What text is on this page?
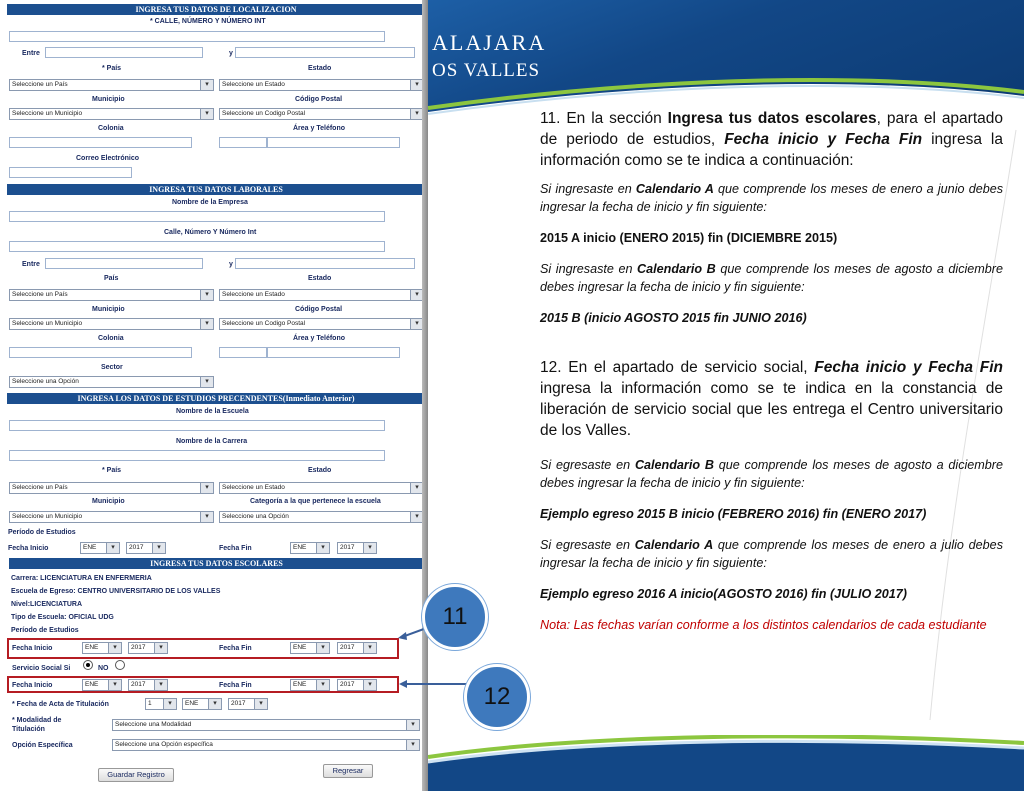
INGRESA TUS DATOS DE LOCALIZACION
* CALLE, NÚMERO Y NÚMERO INT
Entre	y
* País	Estado
Seleccione un País	▾	Seleccione un Estado	▾
Municipio	Código Postal
Seleccione un Municipio	▾	Seleccione un Codigo Postal	▾
Colonia	Área y Teléfono
Correo Electrónico
INGRESA TUS DATOS LABORALES
Nombre de la Empresa
Calle, Número Y Número Int
Entre	y
País	Estado
Seleccione un País	▾	Seleccione un Estado	▾
Municipio	Código Postal
Seleccione un Municipio	▾	Seleccione un Codigo Postal	▾
Colonia	Área y Teléfono
Sector
Seleccione una Opción	▾
INGRESA LOS DATOS DE ESTUDIOS PRECENDENTES(Inmediato Anterior)
Nombre de la Escuela
Nombre de la Carrera
* País	Estado
Seleccione un País	▾	Seleccione un Estado	▾
Municipio	Categoría a la que pertenece la escuela
Seleccione un Municipio	▾	Seleccione una Opción	▾
Período de Estudios
Fecha Inicio	ENE	▾	2017	▾	Fecha Fin	ENE	▾	2017	▾
INGRESA TUS DATOS ESCOLARES
Carrera: LICENCIATURA EN ENFERMERIA
Escuela de Egreso: CENTRO UNIVERSITARIO DE LOS VALLES
Nivel:LICENCIATURA
Tipo de Escuela: OFICIAL UDG
Período de Estudios
Fecha Inicio	ENE	▾	2017	▾	Fecha Fin	ENE	▾	2017	▾
Servicio Social Si	NO
Fecha Inicio	ENE	▾	2017	▾	Fecha Fin	ENE	▾	2017	▾
* Fecha de Acta de Titulación	1	▾	ENE	▾	2017	▾
* Modalidad de Titulación
Seleccione una Modalidad	▾
Opción Específica	Seleccione una Opción específica	▾
Guardar Registro	Regresar
ALAJARA
OS VALLES
11
12

11. En la sección Ingresa tus datos escolares, para el apartado de periodo de estudios, Fecha inicio y Fecha Fin ingresa la información como se te indica a continuación:

Si ingresaste en Calendario A que comprende los meses de enero a junio debes ingresar la fecha de inicio y fin siguiente:

2015 A inicio (ENERO 2015) fin (DICIEMBRE 2015)

Si ingresaste en Calendario B que comprende los meses de agosto a diciembre debes ingresar la fecha de inicio y fin siguiente:

2015 B (inicio AGOSTO 2015 fin JUNIO 2016)

12. En el apartado de servicio social, Fecha inicio y Fecha Fin ingresa la información como se te indica en la constancia de liberación de servicio social que les entrega el Centro universitario de los Valles.

Si egresaste en Calendario B que comprende los meses de agosto a diciembre debes ingresar la fecha de inicio y fin siguiente:

Ejemplo egreso 2015 B inicio (FEBRERO 2016) fin (ENERO 2017)

Si egresaste en Calendario A que comprende los meses de enero a julio debes ingresar la fecha de inicio y fin siguiente:

Ejemplo egreso 2016 A inicio(AGOSTO 2016) fin (JULIO 2017)

Nota: Las fechas varían conforme a los distintos calendarios de cada estudiante
